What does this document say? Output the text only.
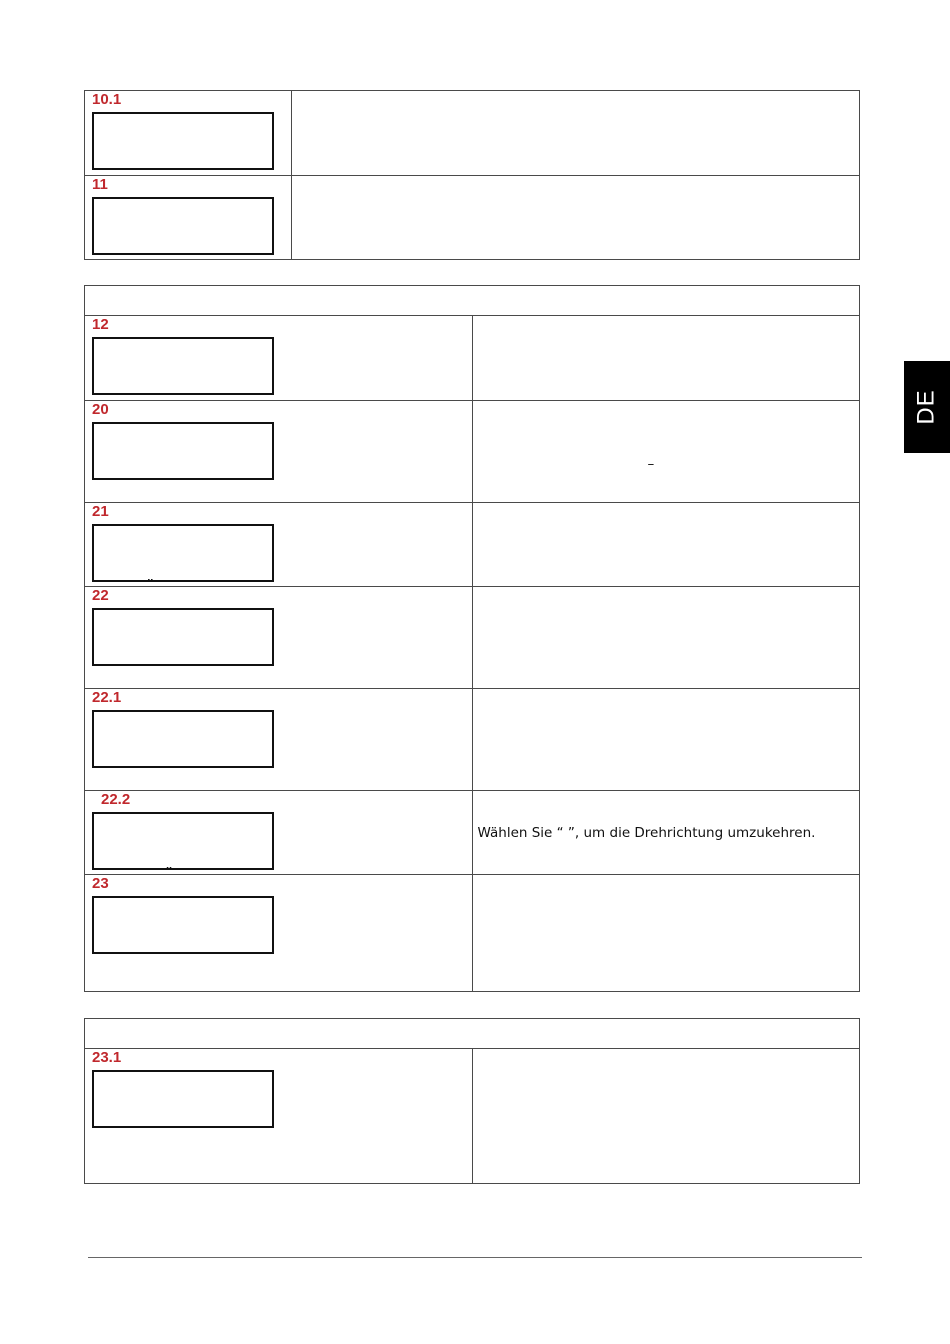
DE
10.1	

11	

12	

20	–

21	

22	

22.1	

22.2	Wählen Sie “ ”, um die Drehrichtung umzukehren.

23	

23.1
